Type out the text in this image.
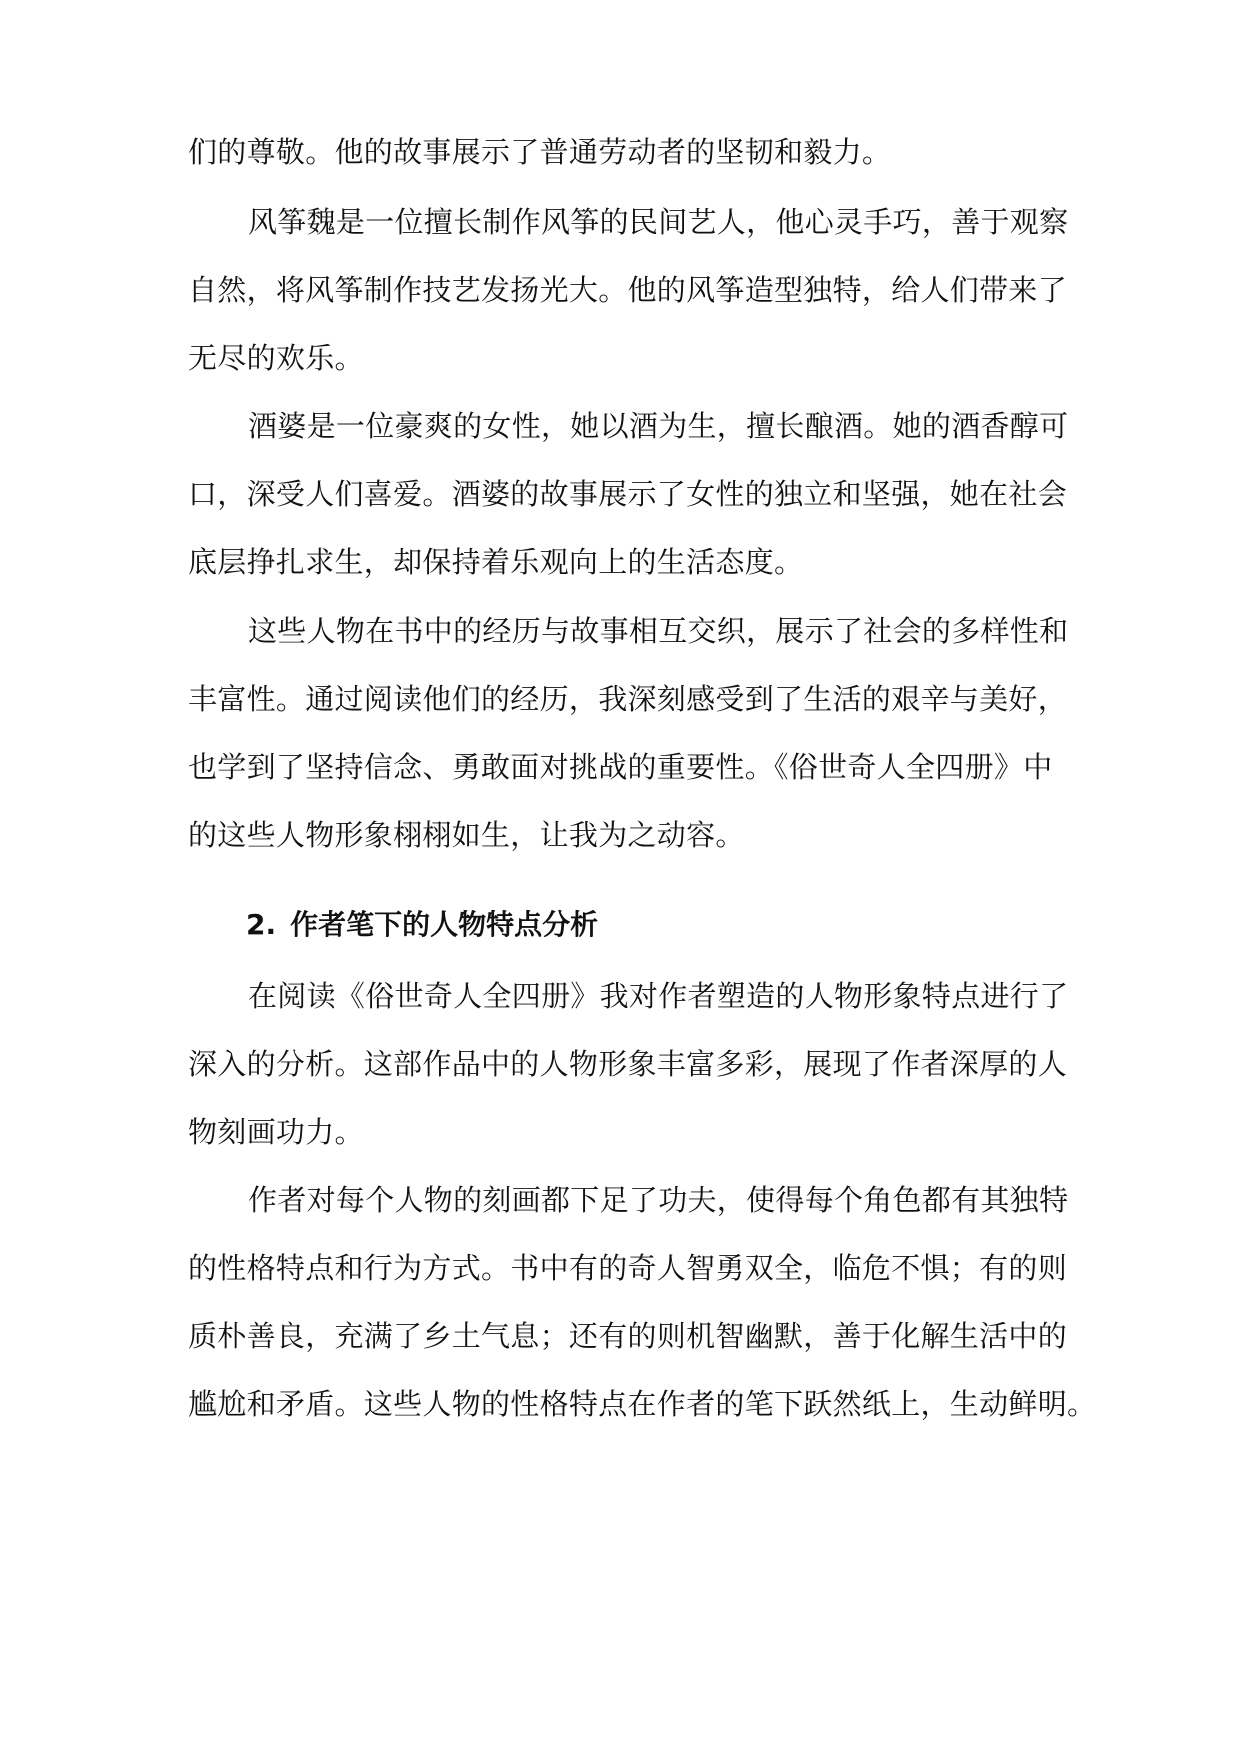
们的尊敬。他的故事展示了普通劳动者的坚韧和毅力。
风筝魏是一位擅长制作风筝的民间艺人，他心灵手巧，善于观察
自然，将风筝制作技艺发扬光大。他的风筝造型独特，给人们带来了
无尽的欢乐。
酒婆是一位豪爽的女性，她以酒为生，擅长酿酒。她的酒香醇可
口，深受人们喜爱。酒婆的故事展示了女性的独立和坚强，她在社会
底层挣扎求生，却保持着乐观向上的生活态度。
这些人物在书中的经历与故事相互交织，展示了社会的多样性和
丰富性。通过阅读他们的经历，我深刻感受到了生活的艰辛与美好，
也学到了坚持信念、勇敢面对挑战的重要性。《俗世奇人全四册》中
的这些人物形象栩栩如生，让我为之动容。
2. 作者笔下的人物特点分析
在阅读《俗世奇人全四册》我对作者塑造的人物形象特点进行了
深入的分析。这部作品中的人物形象丰富多彩，展现了作者深厚的人
物刻画功力。
作者对每个人物的刻画都下足了功夫，使得每个角色都有其独特
的性格特点和行为方式。书中有的奇人智勇双全，临危不惧；有的则
质朴善良，充满了乡土气息；还有的则机智幽默，善于化解生活中的
尴尬和矛盾。这些人物的性格特点在作者的笔下跃然纸上，生动鲜明。
